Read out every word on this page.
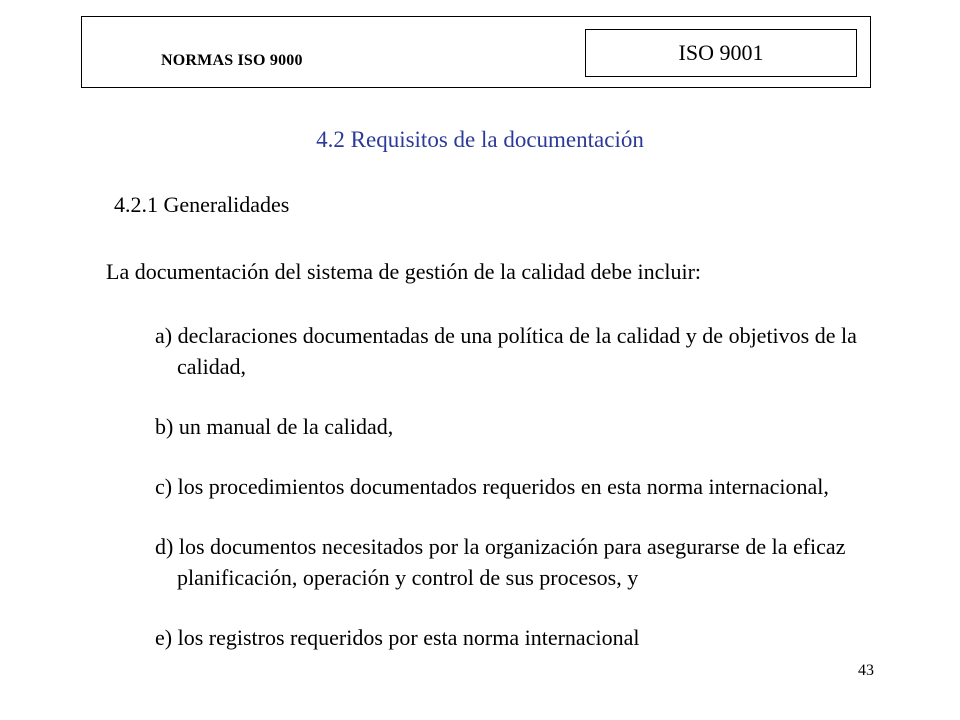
NORMAS ISO 9000	ISO 9001
4.2 Requisitos de la documentación
4.2.1 Generalidades
La documentación del sistema de gestión de la calidad debe incluir:
a) declaraciones documentadas de una política de la calidad y de objetivos de la calidad,
b) un manual de la calidad,
c) los procedimientos documentados requeridos en esta norma internacional,
d) los documentos necesitados por la organización para asegurarse de la eficaz planificación, operación y control de sus procesos, y
e) los registros requeridos por esta norma internacional
43
